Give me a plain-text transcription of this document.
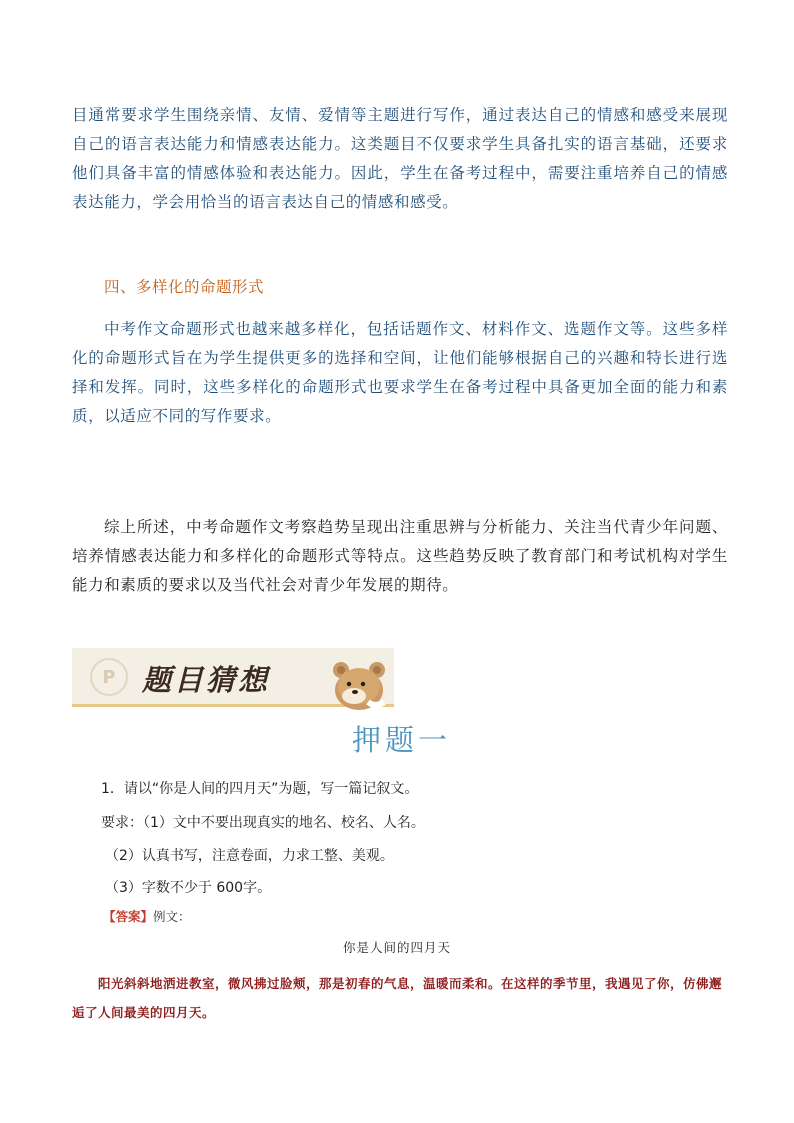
目通常要求学生围绕亲情、友情、爱情等主题进行写作，通过表达自己的情感和感受来展现自己的语言表达能力和情感表达能力。这类题目不仅要求学生具备扎实的语言基础，还要求他们具备丰富的情感体验和表达能力。因此，学生在备考过程中，需要注重培养自己的情感表达能力，学会用恰当的语言表达自己的情感和感受。
四、多样化的命题形式
中考作文命题形式也越来越多样化，包括话题作文、材料作文、选题作文等。这些多样化的命题形式旨在为学生提供更多的选择和空间，让他们能够根据自己的兴趣和特长进行选择和发挥。同时，这些多样化的命题形式也要求学生在备考过程中具备更加全面的能力和素质，以适应不同的写作要求。
综上所述，中考命题作文考察趋势呈现出注重思辨与分析能力、关注当代青少年问题、培养情感表达能力和多样化的命题形式等特点。这些趋势反映了教育部门和考试机构对学生能力和素质的要求以及当代社会对青少年发展的期待。
P 题目猜想
押题一
1．请以“你是人间的四月天”为题，写一篇记叙文。
要求：（1）文中不要出现真实的地名、校名、人名。
（2）认真书写，注意卷面，力求工整、美观。
（3）字数不少于 600字。
【答案】例文：
你是人间的四月天
阳光斜斜地洒进教室，微风拂过脸颊，那是初春的气息，温暖而柔和。在这样的季节里，我遇见了你，仿佛邂逅了人间最美的四月天。
